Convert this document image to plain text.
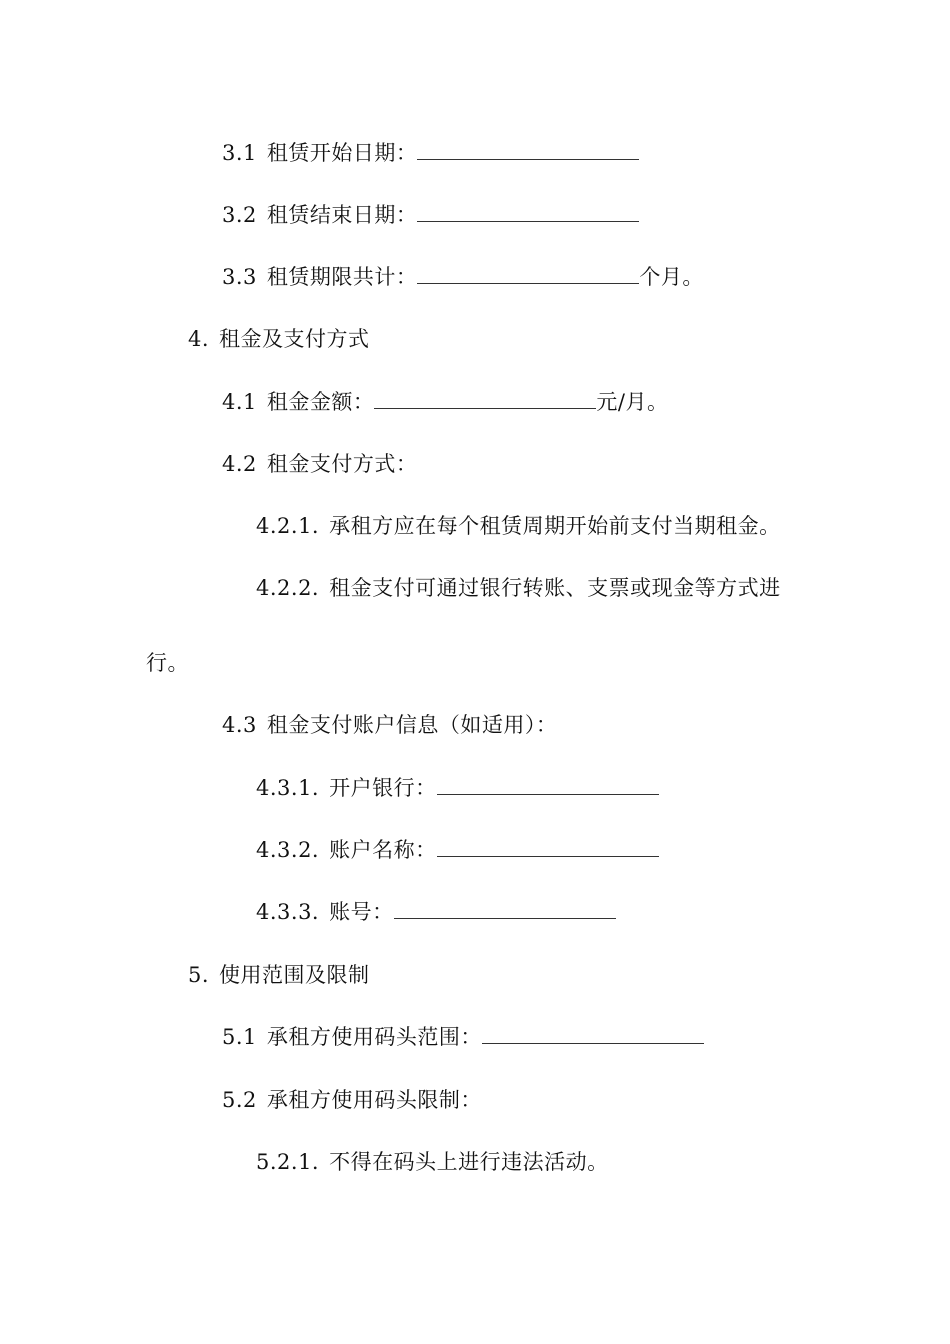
3.1 租赁开始日期：
3.2 租赁结束日期：
3.3 租赁期限共计：	个月。
4. 租金及支付方式
4.1 租金金额：	元/月。
4.2 租金支付方式：
4.2.1. 承租方应在每个租赁周期开始前支付当期租金。
4.2.2. 租金支付可通过银行转账、支票或现金等方式进
行。
4.3 租金支付账户信息（如适用）：
4.3.1. 开户银行：
4.3.2. 账户名称：
4.3.3. 账号：
5. 使用范围及限制
5.1 承租方使用码头范围：
5.2 承租方使用码头限制：
5.2.1. 不得在码头上进行违法活动。
